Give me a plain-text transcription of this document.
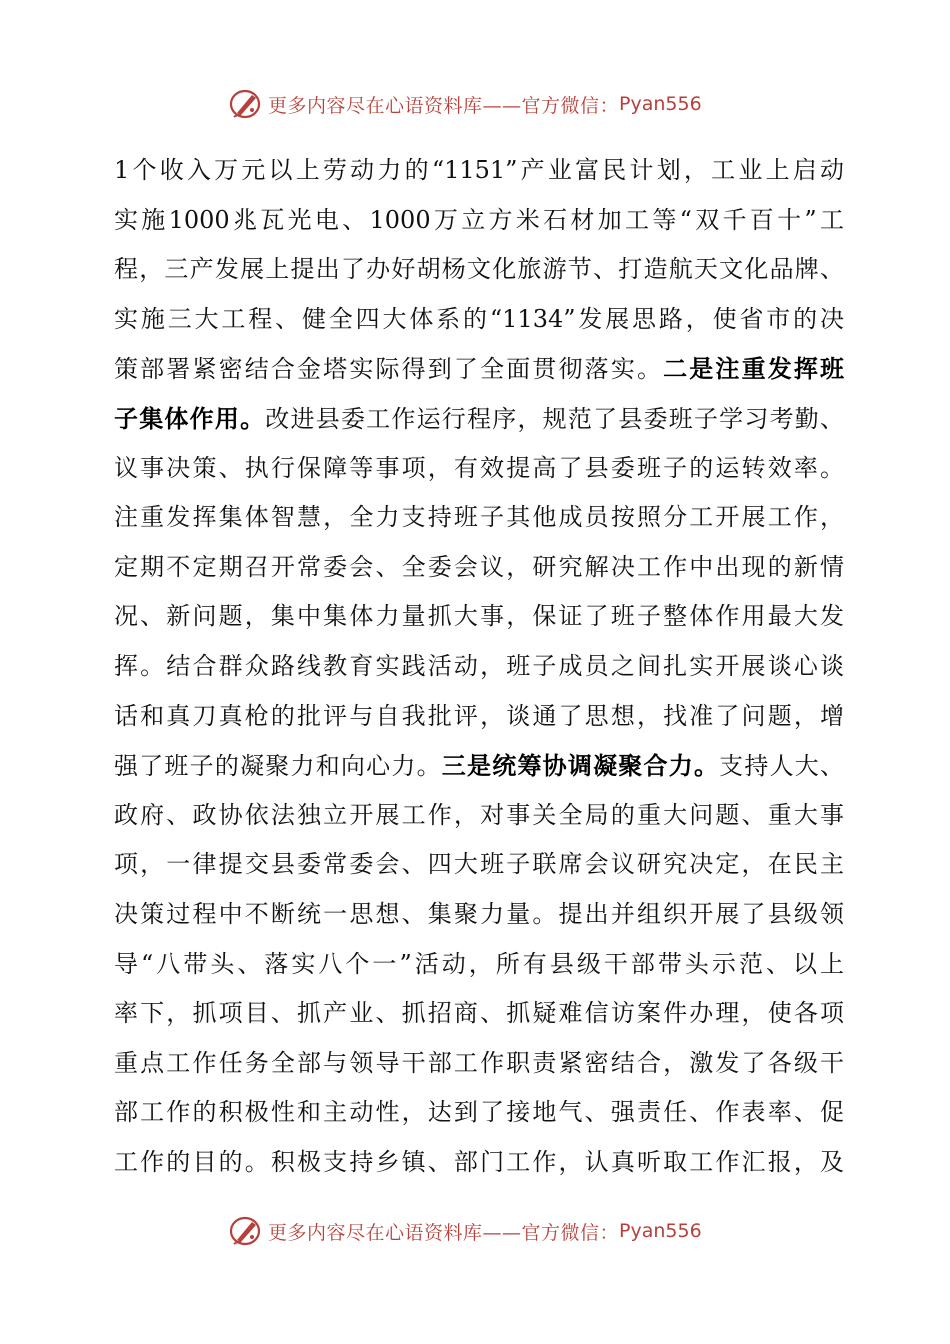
更多内容尽在心语资料库——官方微信： Pyan556
1个收入万元以上劳动力的“1151”产业富民计划，工业上启动
实施1000兆瓦光电、1000万立方米石材加工等“双千百十”工
程，三产发展上提出了办好胡杨文化旅游节、打造航天文化品牌、
实施三大工程、健全四大体系的“1134”发展思路，使省市的决
策部署紧密结合金塔实际得到了全面贯彻落实。二是注重发挥班
子集体作用。改进县委工作运行程序，规范了县委班子学习考勤、
议事决策、执行保障等事项，有效提高了县委班子的运转效率。
注重发挥集体智慧，全力支持班子其他成员按照分工开展工作，
定期不定期召开常委会、全委会议，研究解决工作中出现的新情
况、新问题，集中集体力量抓大事，保证了班子整体作用最大发
挥。结合群众路线教育实践活动，班子成员之间扎实开展谈心谈
话和真刀真枪的批评与自我批评，谈通了思想，找准了问题，增
强了班子的凝聚力和向心力。三是统筹协调凝聚合力。支持人大、
政府、政协依法独立开展工作，对事关全局的重大问题、重大事
项，一律提交县委常委会、四大班子联席会议研究决定，在民主
决策过程中不断统一思想、集聚力量。提出并组织开展了县级领
导“八带头、落实八个一”活动，所有县级干部带头示范、以上
率下，抓项目、抓产业、抓招商、抓疑难信访案件办理，使各项
重点工作任务全部与领导干部工作职责紧密结合，激发了各级干
部工作的积极性和主动性，达到了接地气、强责任、作表率、促
工作的目的。积极支持乡镇、部门工作，认真听取工作汇报，及
更多内容尽在心语资料库——官方微信： Pyan556
